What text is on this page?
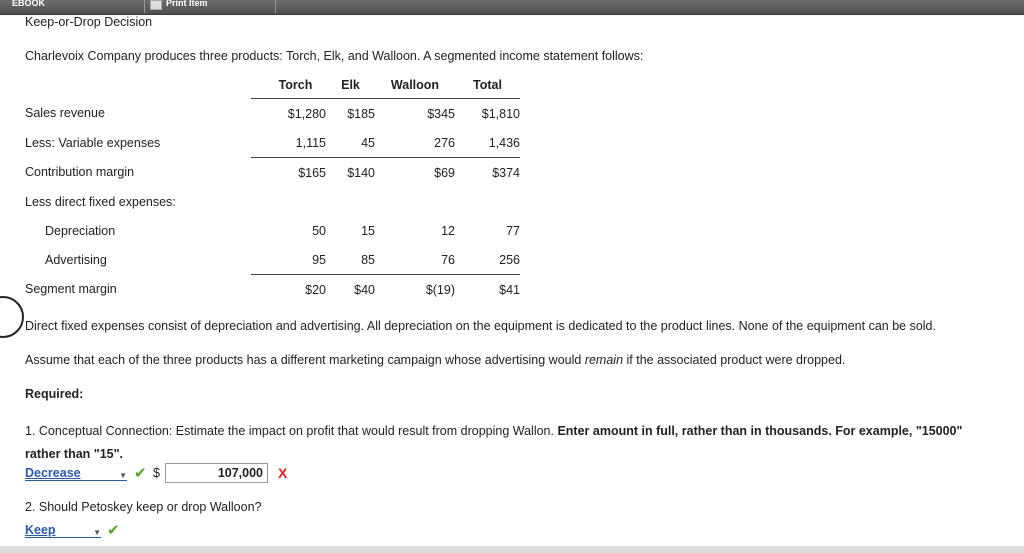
EBOOK	Print Item
Keep-or-Drop Decision
Charlevoix Company produces three products: Torch, Elk, and Walloon. A segmented income statement follows:
	Torch	Elk	Walloon	Total
Sales revenue	$1,280	$185	$345	$1,810
Less: Variable expenses	1,115	45	276	1,436
Contribution margin	$165	$140	$69	$374
Less direct fixed expenses:				
Depreciation	50	15	12	77
Advertising	95	85	76	256
Segment margin	$20	$40	$(19)	$41
Direct fixed expenses consist of depreciation and advertising. All depreciation on the equipment is dedicated to the product lines. None of the equipment can be sold.
Assume that each of the three products has a different marketing campaign whose advertising would remain if the associated product were dropped.
Required:
1. Conceptual Connection: Estimate the impact on profit that would result from dropping Wallon. Enter amount in full, rather than in thousands. For example, "15000" rather than "15".
Decrease	▼ ✔ $
107,000	X
2. Should Petoskey keep or drop Walloon?
Keep	▼ ✔
